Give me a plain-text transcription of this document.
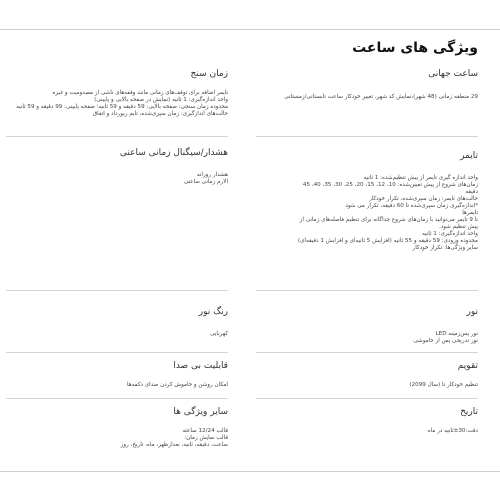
ویژگی های ساعت
ساعت جهانی
29 منطقه زمانی (48 شهر)،نمایش کد شهر، تغییر خودکار ساعت تابستانی/زمستانی
تایمر
واحد اندازه گیری تایمر از پیش تنظیم‌شده: 1 ثانیه
زمان‌های شروع از پیش تعیین‌شده: 10، 12، 15، 20، 25، 30، 35، 40، 45
دقیقه
حالت‌های تایمر: زمان سپری‌شده، تکرار خودکار
*اندازه‌گیری زمان سپری‌شده تا 60 دقیقه، تکرار می شود
تایمرها
تا 9 تایمر می‌توانید با زمان‌های شروع جداگانه برای تنظیم فاصله‌های زمانی از
پیش تنظیم شود.
واحد اندازه‌گیری: 1 ثانیه
محدوده ورودی: 59 دقیقه و 55 ثانیه (افزایش 5 ثانیه‌ای و افزایش 1 دقیقه‌ای)
سایر ویژگی‌ها: تکرار خودکار
نور
نور پس‌زمینه LED
نور تدریجی پس از خاموشی
تقویم
تنظیم خودکار تا (سال 2099)
تاریخ
دقت:30±ثانیه در ماه
زمان سنج
تایمر اضافه برای توقف‌های زمانی مانند وقفه‌های ناشی از مصدومیت و غیره
واحد اندازه‌گیری: 1 ثانیه (نمایش در صفحه بالایی و پایینی)
محدوده زمان سنجی: صفحه بالایی: 59 دقیقه و 59 ثانیه؛ صفحه پایینی: 99 دقیقه و 59 ثانیه
حالت‌های اندازگیری: زمان سپری‌شده، تایم ریورداد و اتفاق
هشدار/سیگنال زمانی ساعتی
هشدار روزانه
الارم زمانی ساعتی
رنگ نور
کهربایی
قابلیت بی صدا
امکان روشن و خاموش کردن صدای دکمه‌ها
سایر ویژگی ها
قالب 12/24 ساعته
قالب نمایش زمان:
ساعت، دقیقه، ثانیه، بعدازظهر، ماه، تاریخ، روز
